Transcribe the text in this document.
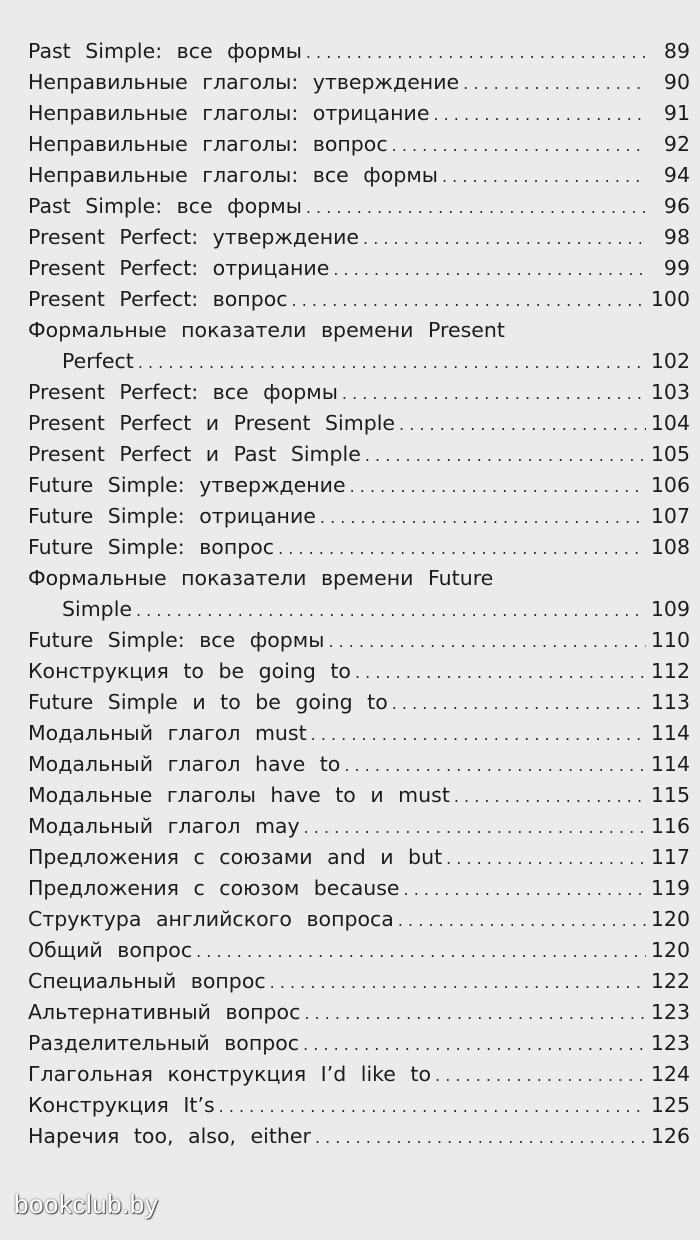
Past Simple: все формы . . .	89
Неправильные глаголы: утверждение . . .	90
Неправильные глаголы: отрицание . . .	91
Неправильные глаголы: вопрос . . .	92
Неправильные глаголы: все формы . . .	94
Past Simple: все формы . . .	96
Present Perfect: утверждение . . .	98
Present Perfect: отрицание . . .	99
Present Perfect: вопрос . . .	100
Формальные показатели времени Present
Perfect . . .	102
Present Perfect: все формы . . .	103
Present Perfect и Present Simple . . .	104
Present Perfect и Past Simple . . .	105
Future Simple: утверждение . . .	106
Future Simple: отрицание . . .	107
Future Simple: вопрос . . .	108
Формальные показатели времени Future
Simple . . .	109
Future Simple: все формы . . .	110
Конструкция to be going to . . .	112
Future Simple и to be going to . . .	113
Модальный глагол must . . .	114
Модальный глагол have to . . .	114
Модальные глаголы have to и must . . .	115
Модальный глагол may . . .	116
Предложения с союзами and и but . . .	117
Предложения с союзом because . . .	119
Структура английского вопроса . . .	120
Общий вопрос . . .	120
Специальный вопрос . . .	122
Альтернативный вопрос . . .	123
Разделительный вопрос . . .	123
Глагольная конструкция I’d like to . . .	124
Конструкция It’s . . .	125
Наречия too, also, either . . .	126
bookclub.by
